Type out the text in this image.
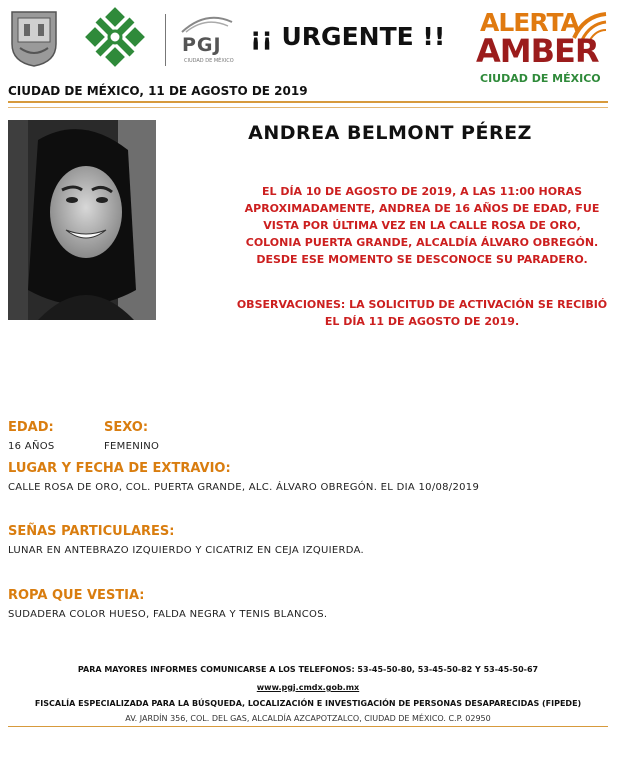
PGJ
CIUDAD DE MÉXICO
¡¡ URGENTE !! ALERTA
AMBER
CIUDAD DE MÉXICO
CIUDAD DE MÉXICO, 11 DE AGOSTO DE 2019
ANDREA BELMONT PÉREZ
EL DÍA 10 DE AGOSTO DE 2019, A LAS 11:00 HORAS APROXIMADAMENTE, ANDREA DE 16 AÑOS DE EDAD, FUE VISTA POR ÚLTIMA VEZ EN LA CALLE ROSA DE ORO, COLONIA PUERTA GRANDE, ALCALDÍA ÁLVARO OBREGÓN. DESDE ESE MOMENTO SE DESCONOCE SU PARADERO.
OBSERVACIONES: LA SOLICITUD DE ACTIVACIÓN SE RECIBIÓ EL DÍA 11 DE AGOSTO DE 2019.
EDAD:	SEXO:
16 AÑOS	FEMENINO
LUGAR Y FECHA DE EXTRAVIO:
CALLE ROSA DE ORO, COL. PUERTA GRANDE, ALC. ÁLVARO OBREGÓN. EL DIA 10/08/2019
SEÑAS PARTICULARES:
LUNAR EN ANTEBRAZO IZQUIERDO Y CICATRIZ EN CEJA IZQUIERDA.
ROPA QUE VESTIA:
SUDADERA COLOR HUESO, FALDA NEGRA Y TENIS BLANCOS.
PARA MAYORES INFORMES COMUNICARSE A LOS TELEFONOS: 53-45-50-80, 53-45-50-82 Y 53-45-50-67
www.pgj.cmdx.gob.mx
FISCALÍA ESPECIALIZADA PARA LA BÚSQUEDA, LOCALIZACIÓN E INVESTIGACIÓN DE PERSONAS DESAPARECIDAS (FIPEDE)
AV. JARDÍN 356, COL. DEL GAS, ALCALDÍA AZCAPOTZALCO, CIUDAD DE MÉXICO. C.P. 02950
